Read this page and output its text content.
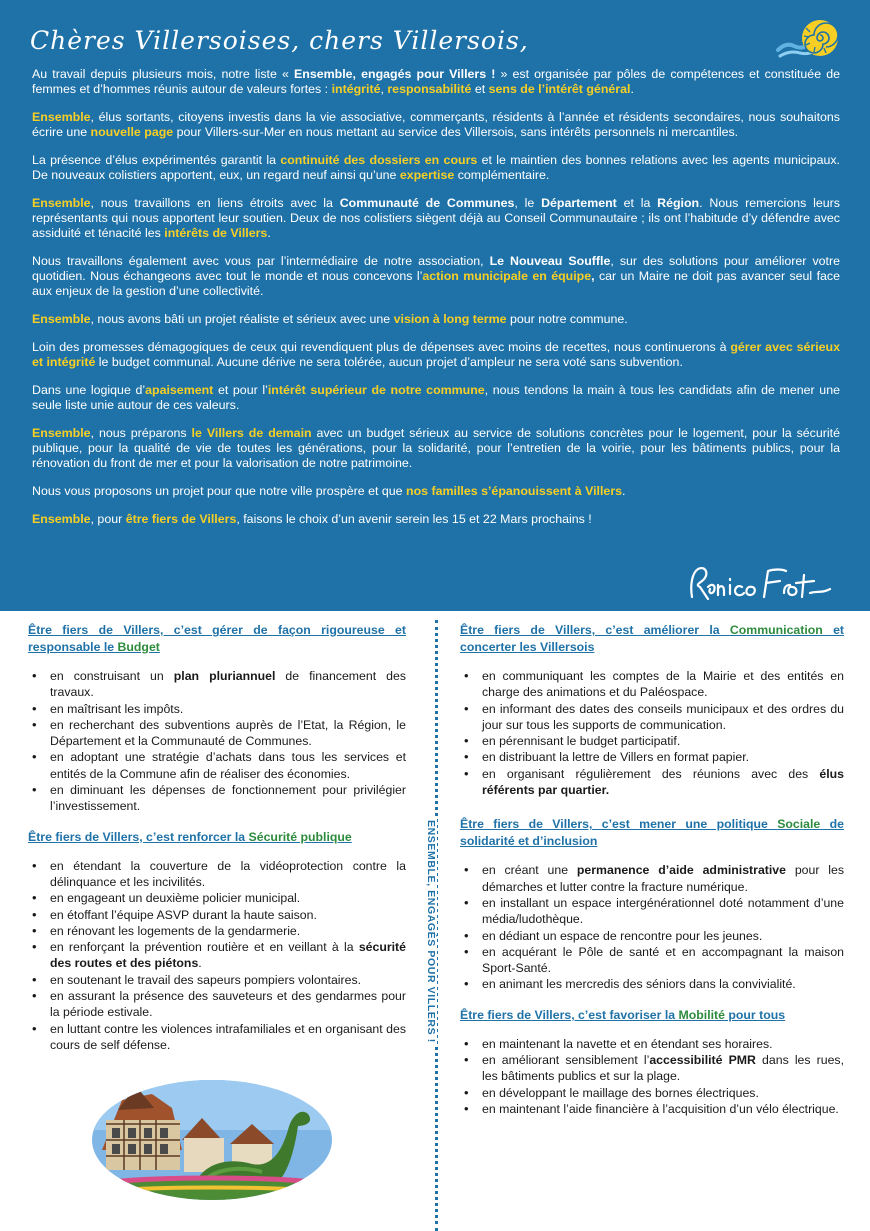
Chères Villersoises, chers Villersois,

Au travail depuis plusieurs mois, notre liste « Ensemble, engagés pour Villers ! » est organisée par pôles de compétences et constituée de femmes et d’hommes réunis autour de valeurs fortes : intégrité, responsabilité et sens de l’intérêt général.

Ensemble, élus sortants, citoyens investis dans la vie associative, commerçants, résidents à l’année et résidents secondaires, nous souhaitons écrire une nouvelle page pour Villers-sur-Mer en nous mettant au service des Villersois, sans intérêts personnels ni mercantiles.

La présence d’élus expérimentés garantit la continuité des dossiers en cours et le maintien des bonnes relations avec les agents municipaux. De nouveaux colistiers apportent, eux, un regard neuf ainsi qu’une expertise complémentaire.

Ensemble, nous travaillons en liens étroits avec la Communauté de Communes, le Département et la Région. Nous remercions leurs représentants qui nous apportent leur soutien. Deux de nos colistiers siègent déjà au Conseil Communautaire ; ils ont l’habitude d’y défendre avec assiduité et ténacité les intérêts de Villers.

Nous travaillons également avec vous par l’intermédiaire de notre association, Le Nouveau Souffle, sur des solutions pour améliorer votre quotidien. Nous échangeons avec tout le monde et nous concevons l’action municipale en équipe, car un Maire ne doit pas avancer seul face aux enjeux de la gestion d’une collectivité.

Ensemble, nous avons bâti un projet réaliste et sérieux avec une vision à long terme pour notre commune.

Loin des promesses démagogiques de ceux qui revendiquent plus de dépenses avec moins de recettes, nous continuerons à gérer avec sérieux et intégrité le budget communal. Aucune dérive ne sera tolérée, aucun projet d’ampleur ne sera voté sans subvention.

Dans une logique d’apaisement et pour l’intérêt supérieur de notre commune, nous tendons la main à tous les candidats afin de mener une seule liste unie autour de ces valeurs.

Ensemble, nous préparons le Villers de demain avec un budget sérieux au service de solutions concrètes pour le logement, pour la sécurité publique, pour la qualité de vie de toutes les générations, pour la solidarité, pour l’entretien de la voirie, pour les bâtiments publics, pour la rénovation du front de mer et pour la valorisation de notre patrimoine.

Nous vous proposons un projet pour que notre ville prospère et que nos familles s’épanouissent à Villers.

Ensemble, pour être fiers de Villers, faisons le choix d’un avenir serein les 15 et 22 Mars prochains !

Être fiers de Villers, c’est gérer de façon rigoureuse et responsable le Budget
• en construisant un plan pluriannuel de financement des travaux.
• en maîtrisant les impôts.
• en recherchant des subventions auprès de l’Etat, la Région, le Département et la Communauté de Communes.
• en adoptant une stratégie d’achats dans tous les services et entités de la Commune afin de réaliser des économies.
• en diminuant les dépenses de fonctionnement pour privilégier l’investissement.
Être fiers de Villers, c’est renforcer la Sécurité publique
• en étendant la couverture de la vidéoprotection contre la délinquance et les incivilités.
• en engageant un deuxième policier municipal.
• en étoffant l’équipe ASVP durant la haute saison.
• en rénovant les logements de la gendarmerie.
• en renforçant la prévention routière et en veillant à la sécurité des routes et des piétons.
• en soutenant le travail des sapeurs pompiers volontaires.
• en assurant la présence des sauveteurs et des gendarmes pour la période estivale.
• en luttant contre les violences intrafamiliales et en organisant des cours de self défense.
ENSEMBLE, ENGAGÉS POUR VILLERS !
Être fiers de Villers, c’est améliorer la Communication et concerter les Villersois
• en communiquant les comptes de la Mairie et des entités en charge des animations et du Paléospace.
• en informant des dates des conseils municipaux et des ordres du jour sur tous les supports de communication.
• en pérennisant le budget participatif.
• en distribuant la lettre de Villers en format papier.
• en organisant régulièrement des réunions avec des élus référents par quartier.
Être fiers de Villers, c’est mener une politique Sociale de solidarité et d’inclusion
• en créant une permanence d’aide administrative pour les démarches et lutter contre la fracture numérique.
• en installant un espace intergénérationnel doté notamment d’une média/ludothèque.
• en dédiant un espace de rencontre pour les jeunes.
• en acquérant le Pôle de santé et en accompagnant la maison Sport-Santé.
• en animant les mercredis des séniors dans la convivialité.
Être fiers de Villers, c’est favoriser la Mobilité pour tous
• en maintenant la navette et en étendant ses horaires.
• en améliorant sensiblement l’accessibilité PMR dans les rues, les bâtiments publics et sur la plage.
• en développant le maillage des bornes électriques.
• en maintenant l’aide financière à l’acquisition d’un vélo électrique.
